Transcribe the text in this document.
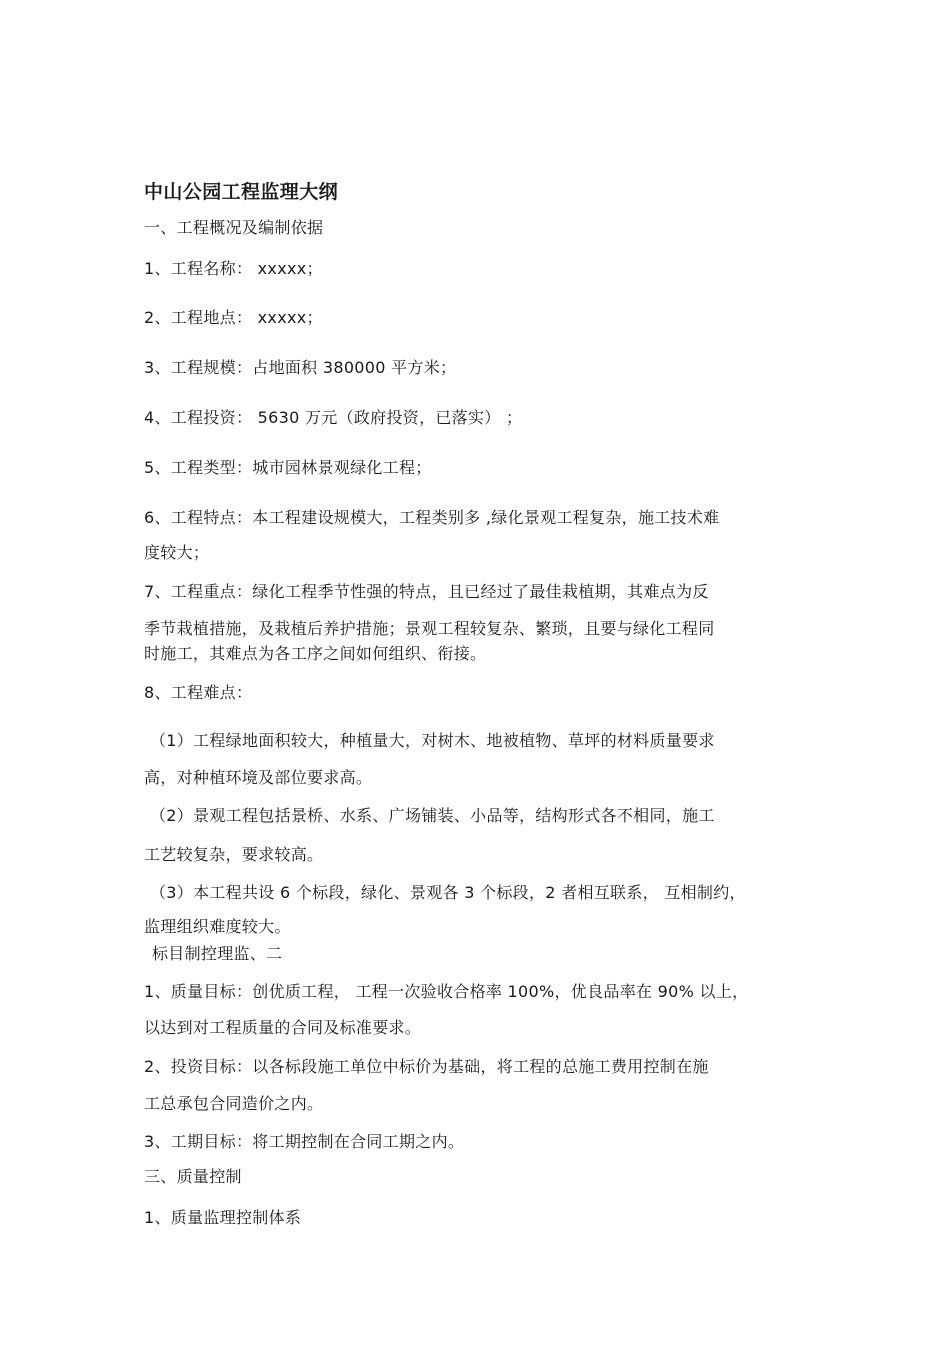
中山公园工程监理大纲

一、工程概况及编制依据

1、工程名称： xxxxx；

2、工程地点： xxxxx；

3、工程规模：占地面积 380000 平方米；

4、工程投资： 5630 万元（政府投资，已落实） ；

5、工程类型：城市园林景观绿化工程；

6、工程特点：本工程建设规模大，工程类别多 ,绿化景观工程复杂，施工技术难

度较大；

7、工程重点：绿化工程季节性强的特点，且已经过了最佳栽植期，其难点为反

季节栽植措施，及栽植后养护措施；景观工程较复杂、繁琐，且要与绿化工程同

时施工，其难点为各工序之间如何组织、衔接。

8、工程难点：

（1）工程绿地面积较大，种植量大，对树木、地被植物、草坪的材料质量要求

高，对种植环境及部位要求高。

（2）景观工程包括景桥、水系、广场铺装、小品等，结构形式各不相同，施工

工艺较复杂，要求较高。

（3）本工程共设 6 个标段，绿化、景观各 3 个标段，2 者相互联系， 互相制约，

监理组织难度较大。

标目制控理监、二

1、质量目标：创优质工程， 工程一次验收合格率 100%，优良品率在 90% 以上，

以达到对工程质量的合同及标准要求。

2、投资目标：以各标段施工单位中标价为基础，将工程的总施工费用控制在施

工总承包合同造价之内。

3、工期目标：将工期控制在合同工期之内。

三、质量控制

1、质量监理控制体系
